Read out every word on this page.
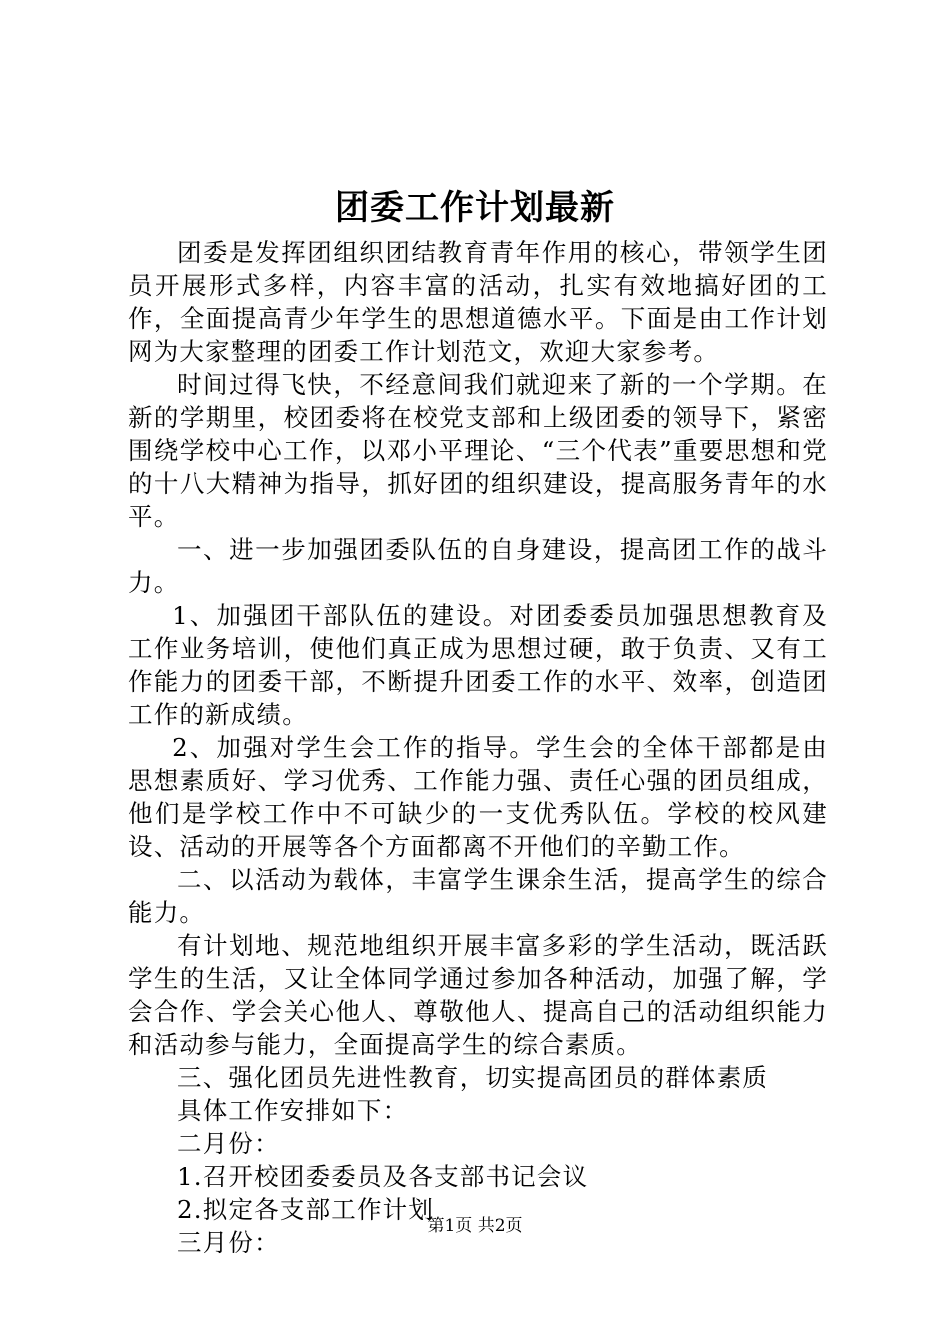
团委工作计划最新

团委是发挥团组织团结教育青年作用的核心，带领学生团员开展形式多样，内容丰富的活动，扎实有效地搞好团的工作，全面提高青少年学生的思想道德水平。下面是由工作计划网为大家整理的团委工作计划范文，欢迎大家参考。

时间过得飞快，不经意间我们就迎来了新的一个学期。在新的学期里，校团委将在校党支部和上级团委的领导下，紧密围绕学校中心工作，以邓小平理论、“三个代表”重要思想和党的十八大精神为指导，抓好团的组织建设，提高服务青年的水平。

一、进一步加强团委队伍的自身建设，提高团工作的战斗力。

1、加强团干部队伍的建设。对团委委员加强思想教育及工作业务培训，使他们真正成为思想过硬，敢于负责、又有工作能力的团委干部，不断提升团委工作的水平、效率，创造团工作的新成绩。

2、加强对学生会工作的指导。学生会的全体干部都是由思想素质好、学习优秀、工作能力强、责任心强的团员组成，他们是学校工作中不可缺少的一支优秀队伍。学校的校风建设、活动的开展等各个方面都离不开他们的辛勤工作。

二、以活动为载体，丰富学生课余生活，提高学生的综合能力。

有计划地、规范地组织开展丰富多彩的学生活动，既活跃学生的生活，又让全体同学通过参加各种活动，加强了解，学会合作、学会关心他人、尊敬他人、提高自己的活动组织能力和活动参与能力，全面提高学生的综合素质。

三、强化团员先进性教育，切实提高团员的群体素质

具体工作安排如下：

二月份：

1.召开校团委委员及各支部书记会议

2.拟定各支部工作计划

三月份：

第1页 共2页
